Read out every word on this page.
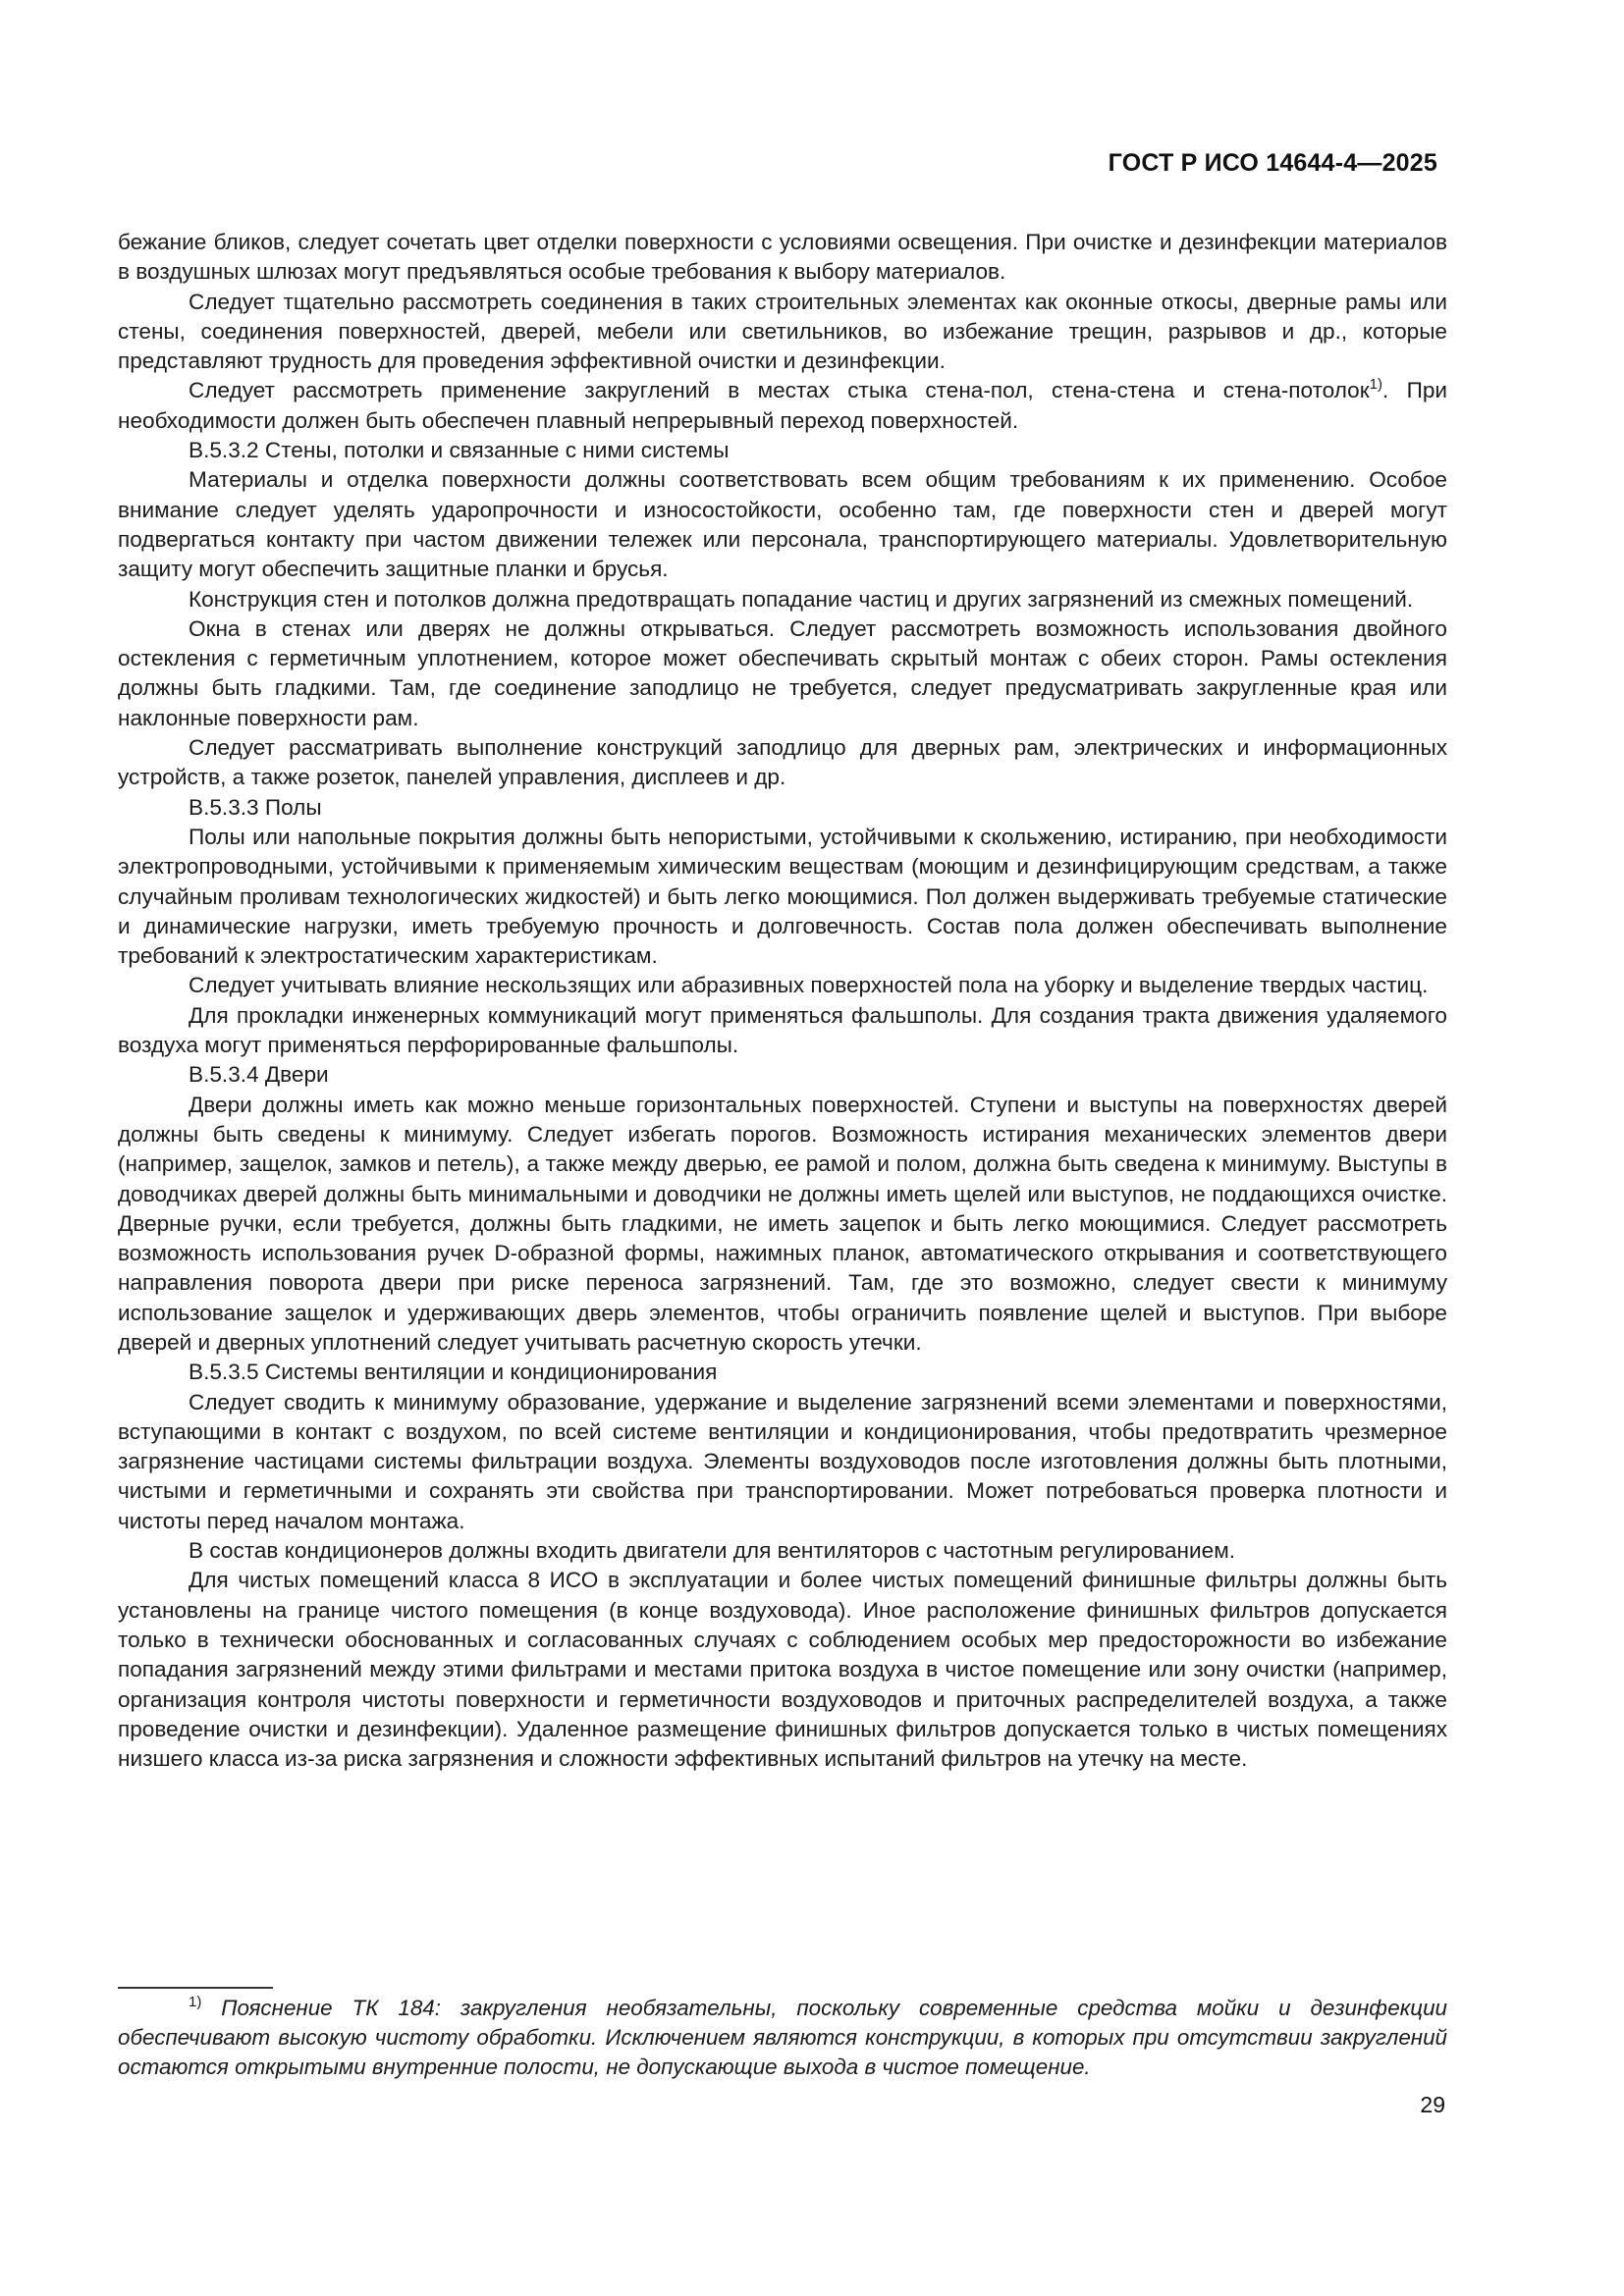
ГОСТ Р ИСО 14644-4—2025

бежание бликов, следует сочетать цвет отделки поверхности с условиями освещения. При очистке и дезинфекции материалов в воздушных шлюзах могут предъявляться особые требования к выбору материалов.

Следует тщательно рассмотреть соединения в таких строительных элементах как оконные откосы, дверные рамы или стены, соединения поверхностей, дверей, мебели или светильников, во избежание трещин, разрывов и др., которые представляют трудность для проведения эффективной очистки и дезинфекции.

Следует рассмотреть применение закруглений в местах стыка стена-пол, стена-стена и стена-потолок$^{1)}$. При необходимости должен быть обеспечен плавный непрерывный переход поверхностей.

B.5.3.2 Стены, потолки и связанные с ними системы

Материалы и отделка поверхности должны соответствовать всем общим требованиям к их применению. Особое внимание следует уделять ударопрочности и износостойкости, особенно там, где поверхности стен и дверей могут подвергаться контакту при частом движении тележек или персонала, транспортирующего материалы. Удовлетворительную защиту могут обеспечить защитные планки и брусья.

Конструкция стен и потолков должна предотвращать попадание частиц и других загрязнений из смежных помещений.

Окна в стенах или дверях не должны открываться. Следует рассмотреть возможность использования двойного остекления с герметичным уплотнением, которое может обеспечивать скрытый монтаж с обеих сторон. Рамы остекления должны быть гладкими. Там, где соединение заподлицо не требуется, следует предусматривать закругленные края или наклонные поверхности рам.

Следует рассматривать выполнение конструкций заподлицо для дверных рам, электрических и информационных устройств, а также розеток, панелей управления, дисплеев и др.

B.5.3.3 Полы

Полы или напольные покрытия должны быть непористыми, устойчивыми к скольжению, истиранию, при необходимости электропроводными, устойчивыми к применяемым химическим веществам (моющим и дезинфицирующим средствам, а также случайным проливам технологических жидкостей) и быть легко моющимися. Пол должен выдерживать требуемые статические и динамические нагрузки, иметь требуемую прочность и долговечность. Состав пола должен обеспечивать выполнение требований к электростатическим характеристикам.

Следует учитывать влияние нескользящих или абразивных поверхностей пола на уборку и выделение твердых частиц.

Для прокладки инженерных коммуникаций могут применяться фальшполы. Для создания тракта движения удаляемого воздуха могут применяться перфорированные фальшполы.

B.5.3.4 Двери

Двери должны иметь как можно меньше горизонтальных поверхностей. Ступени и выступы на поверхностях дверей должны быть сведены к минимуму. Следует избегать порогов. Возможность истирания механических элементов двери (например, защелок, замков и петель), а также между дверью, ее рамой и полом, должна быть сведена к минимуму. Выступы в доводчиках дверей должны быть минимальными и доводчики не должны иметь щелей или выступов, не поддающихся очистке. Дверные ручки, если требуется, должны быть гладкими, не иметь зацепок и быть легко моющимися. Следует рассмотреть возможность использования ручек D-образной формы, нажимных планок, автоматического открывания и соответствующего направления поворота двери при риске переноса загрязнений. Там, где это возможно, следует свести к минимуму использование защелок и удерживающих дверь элементов, чтобы ограничить появление щелей и выступов. При выборе дверей и дверных уплотнений следует учитывать расчетную скорость утечки.

B.5.3.5 Системы вентиляции и кондиционирования

Следует сводить к минимуму образование, удержание и выделение загрязнений всеми элементами и поверхностями, вступающими в контакт с воздухом, по всей системе вентиляции и кондиционирования, чтобы предотвратить чрезмерное загрязнение частицами системы фильтрации воздуха. Элементы воздуховодов после изготовления должны быть плотными, чистыми и герметичными и сохранять эти свойства при транспортировании. Может потребоваться проверка плотности и чистоты перед началом монтажа.

В состав кондиционеров должны входить двигатели для вентиляторов с частотным регулированием.

Для чистых помещений класса 8 ИСО в эксплуатации и более чистых помещений финишные фильтры должны быть установлены на границе чистого помещения (в конце воздуховода). Иное расположение финишных фильтров допускается только в технически обоснованных и согласованных случаях с соблюдением особых мер предосторожности во избежание попадания загрязнений между этими фильтрами и местами притока воздуха в чистое помещение или зону очистки (например, организация контроля чистоты поверхности и герметичности воздуховодов и приточных распределителей воздуха, а также проведение очистки и дезинфекции). Удаленное размещение финишных фильтров допускается только в чистых помещениях низшего класса из-за риска загрязнения и сложности эффективных испытаний фильтров на утечку на месте.

$^{1)}$ Пояснение ТК 184: закругления необязательны, поскольку современные средства мойки и дезинфекции обеспечивают высокую чистоту обработки. Исключением являются конструкции, в которых при отсутствии закруглений остаются открытыми внутренние полости, не допускающие выхода в чистое помещение.

29
